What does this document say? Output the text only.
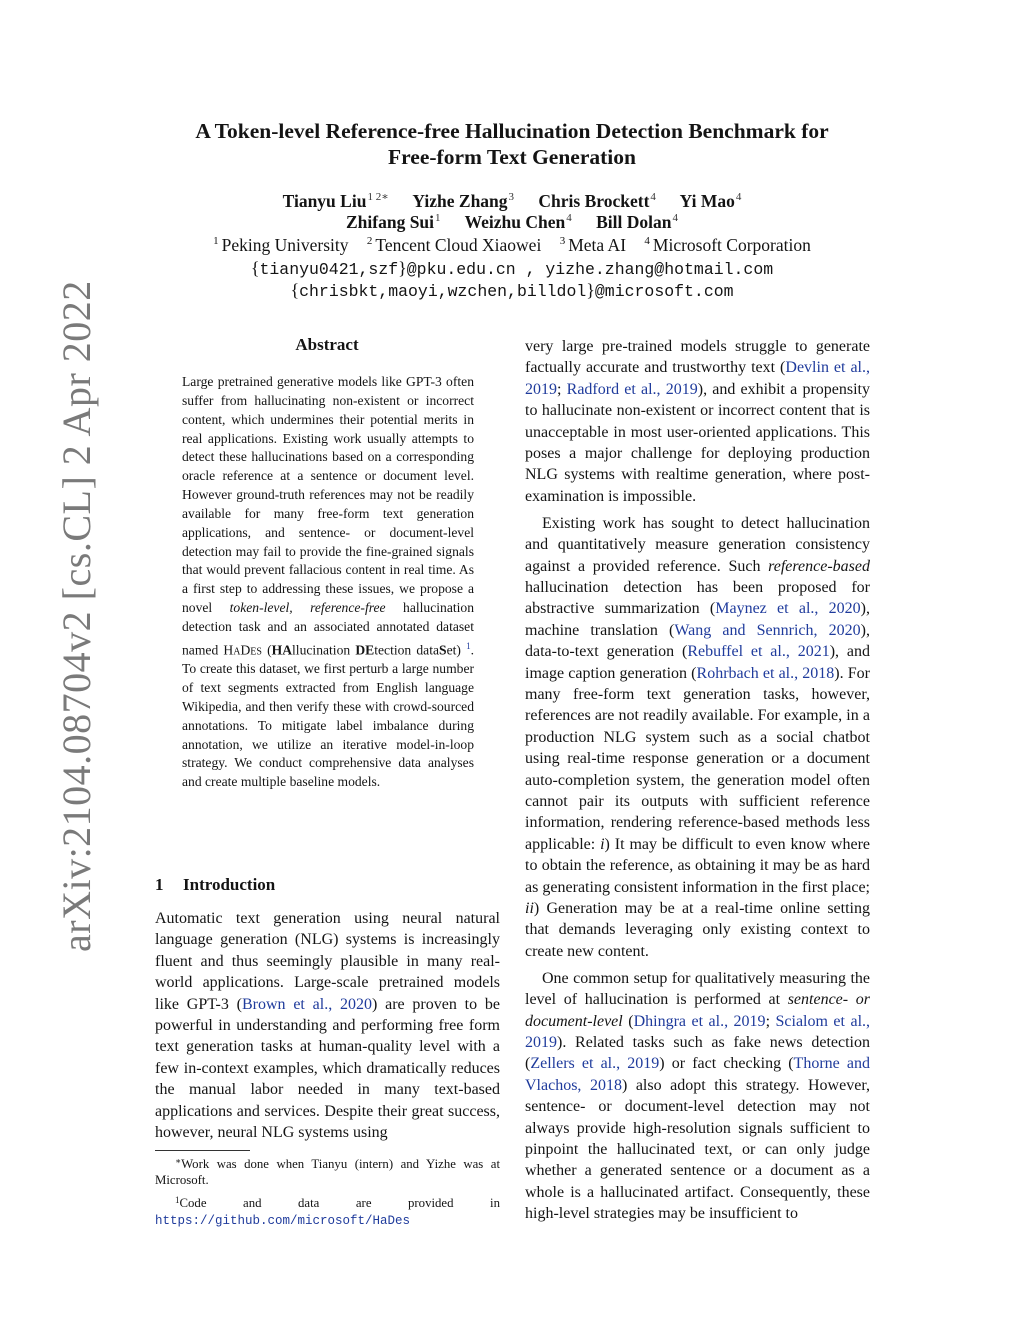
arXiv:2104.08704v2 [cs.CL] 2 Apr 2022
A Token-level Reference-free Hallucination Detection Benchmark for
Free-form Text Generation
Tianyu Liu$^{1 2∗}$ Yizhe Zhang$^3$ Chris Brockett$^4$ Yi Mao$^4$
Zhifang Sui$^1$ Weizhu Chen$^4$ Bill Dolan$^4$
$^1$ Peking University $^2$ Tencent Cloud Xiaowei $^3$ Meta AI $^4$ Microsoft Corporation
{tianyu0421,szf}@pku.edu.cn , yizhe.zhang@hotmail.com
{chrisbkt,maoyi,wzchen,billdol}@microsoft.com
Abstract
Large pretrained generative models like GPT-3 often suffer from hallucinating non-existent or incorrect content, which undermines their potential merits in real applications. Existing work usually attempts to detect these hallucinations based on a corresponding oracle reference at a sentence or document level. However ground-truth references may not be readily available for many free-form text generation applications, and sentence- or document-level detection may fail to provide the fine-grained signals that would prevent fallacious content in real time. As a first step to addressing these issues, we propose a novel token-level, reference-free hallucination detection task and an associated annotated dataset named HaDes (HAllucination DEtection dataSet) $^1$. To create this dataset, we first perturb a large number of text segments extracted from English language Wikipedia, and then verify these with crowd-sourced annotations. To mitigate label imbalance during annotation, we utilize an iterative model-in-loop strategy. We conduct comprehensive data analyses and create multiple baseline models.
1 Introduction

Automatic text generation using neural natural language generation (NLG) systems is increasingly fluent and thus seemingly plausible in many real-world applications. Large-scale pretrained models like GPT-3 (Brown et al., 2020) are proven to be powerful in understanding and performing free form text generation tasks at human-quality level with a few in-context examples, which dramatically reduces the manual labor needed in many text-based applications and services. Despite their great success, however, neural NLG systems using

∗Work was done when Tianyu (intern) and Yizhe was at Microsoft.

$^1$Code and data are provided in https://github.com/microsoft/HaDes

very large pre-trained models struggle to generate factually accurate and trustworthy text (Devlin et al., 2019; Radford et al., 2019), and exhibit a propensity to hallucinate non-existent or incorrect content that is unacceptable in most user-oriented applications. This poses a major challenge for deploying production NLG systems with realtime generation, where post-examination is impossible.

Existing work has sought to detect hallucination and quantitatively measure generation consistency against a provided reference. Such reference-based hallucination detection has been proposed for abstractive summarization (Maynez et al., 2020), machine translation (Wang and Sennrich, 2020), data-to-text generation (Rebuffel et al., 2021), and image caption generation (Rohrbach et al., 2018). For many free-form text generation tasks, however, references are not readily available. For example, in a production NLG system such as a social chatbot using real-time response generation or a document auto-completion system, the generation model often cannot pair its outputs with sufficient reference information, rendering reference-based methods less applicable: i) It may be difficult to even know where to obtain the reference, as obtaining it may be as hard as generating consistent information in the first place; ii) Generation may be at a real-time online setting that demands leveraging only existing context to create new content.

One common setup for qualitatively measuring the level of hallucination is performed at sentence- or document-level (Dhingra et al., 2019; Scialom et al., 2019). Related tasks such as fake news detection (Zellers et al., 2019) or fact checking (Thorne and Vlachos, 2018) also adopt this strategy. However, sentence- or document-level detection may not always provide high-resolution signals sufficient to pinpoint the hallucinated text, or can only judge whether a generated sentence or a document as a whole is a hallucinated artifact. Consequently, these high-level strategies may be insufficient to
